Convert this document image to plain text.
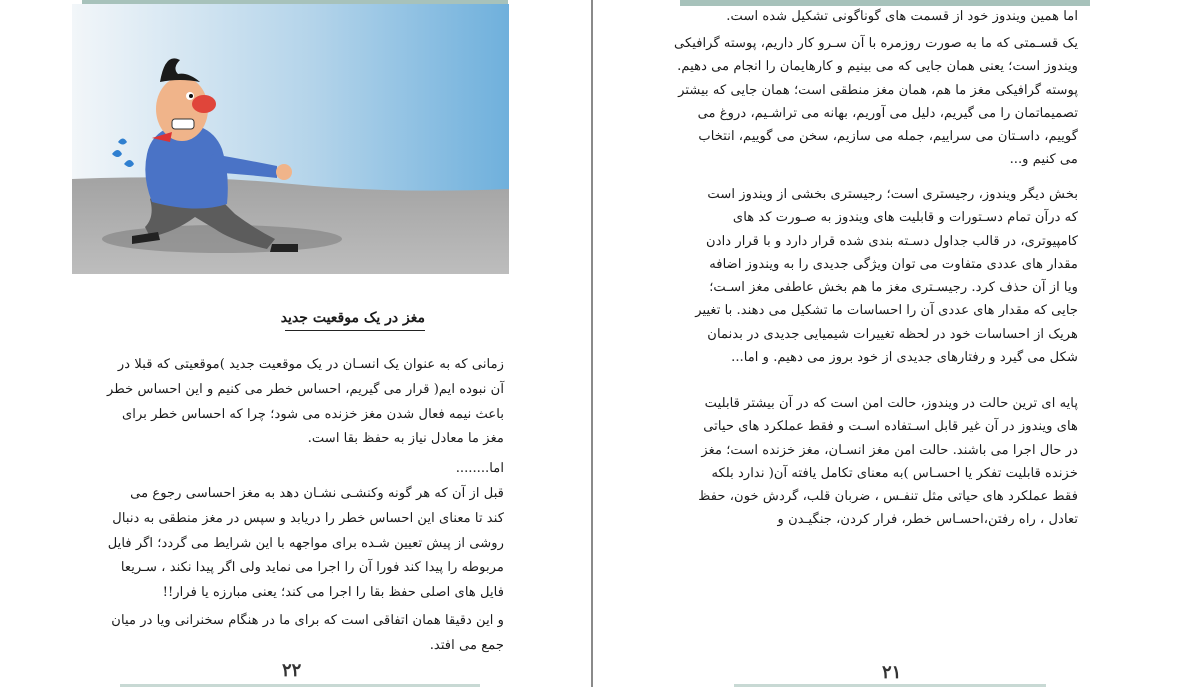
مغز در یک موقعیت جدید
زمانی که به عنوان یک انسـان در یک موقعیت جدید )موقعیتی که قبلا در
آن نبوده ایم( قرار می گیریم، احساس خطر می کنیم و این احساس خطر
باعث نیمه فعال شدن مغز خزنده می شود؛ چرا که احساس خطر برای
مغز ما معادل نیاز به حفظ بقا است.
اما........
قبل از آن که هر گونه وکنشـی نشـان دهد به مغز احساسی رجوع می
کند تا معنای این احساس خطر را دریابد و سپس در مغز منطقی به دنبال
روشی از پیش تعیین شـده برای مواجهه با این شرایط می گردد؛ اگر فایل
مربوطه را پیدا کند فورا آن را اجرا می نماید ولی اگر پیدا نکند ، سـریعا
فایل های اصلی حفظ بقا را اجرا می کند؛ یعنی مبارزه یا فرار!!
و این دقیقا همان اتفاقی است که برای ما در هنگام سخنرانی ویا در میان
جمع می افتد.
۲۲
اما همین ویندوز خود از قسمت های گوناگونی تشکیل شده است.
یک قسـمتی که ما به صورت روزمره با آن سـرو کار داریم، پوسته گرافیکی
ویندوز است؛ یعنی همان جایی که می بینیم و کارهایمان را انجام می دهیم.
پوسته گرافیکی مغز ما هم، همان مغز منطقی است؛ همان جایی که بیشتر
تصمیماتمان را می گیریم، دلیل می آوریم، بهانه می تراشـیم، دروغ می
گوییم، داسـتان می سراییم، جمله می سازیم، سخن می گوییم، انتخاب
می کنیم و...
بخش دیگر ویندوز، رجیستری است؛ رجیستری بخشی از ویندوز است
که درآن تمام دسـتورات و قابلیت های ویندوز به صـورت کد های
کامپیوتری، در قالب جداول دسـته بندی شده قرار دارد و با قرار دادن
مقدار های عددی متفاوت می توان ویژگی جدیدی را به ویندوز اضافه
ویا از آن حذف کرد. رجیسـتری مغز ما هم بخش عاطفی مغز اسـت؛
جایی که مقدار های عددی آن را احساسات ما تشکیل می دهند. با تغییر
هریک از احساسات خود در لحظه تغییرات شیمیایی جدیدی در بدنمان
شکل می گیرد و رفتارهای جدیدی از خود بروز می دهیم. و اما...
پایه ای ترین حالت در ویندوز، حالت امن است که در آن بیشتر قابلیت
های ویندوز در آن غیر قابل اسـتفاده اسـت و فقط عملکرد های حیاتی
در حال اجرا می باشند. حالت امن مغز انسـان، مغز خزنده است؛ مغز
خزنده قابلیت تفکر یا احسـاس )به معنای تکامل یافته آن( ندارد بلکه
فقط عملکرد های حیاتی مثل تنفـس ، ضربان قلب، گردش خون، حفظ
تعادل ، راه رفتن،احسـاس خطر، فرار کردن، جنگیـدن و
۲۱
